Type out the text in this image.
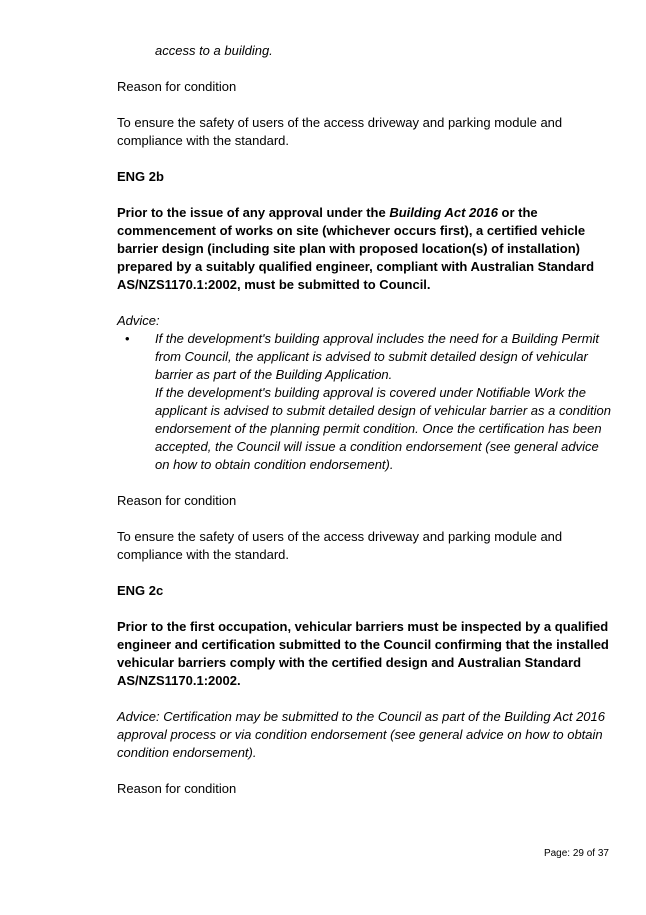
access to a building.

Reason for condition

To ensure the safety of users of the access driveway and parking module and compliance with the standard.

ENG 2b

Prior to the issue of any approval under the Building Act 2016 or the commencement of works on site (whichever occurs first), a certified vehicle barrier design (including site plan with proposed location(s) of installation) prepared by a suitably qualified engineer, compliant with Australian Standard AS/NZS1170.1:2002, must be submitted to Council.

Advice:

• If the development's building approval includes the need for a Building Permit from Council, the applicant is advised to submit detailed design of vehicular barrier as part of the Building Application.

If the development's building approval is covered under Notifiable Work the applicant is advised to submit detailed design of vehicular barrier as a condition endorsement of the planning permit condition. Once the certification has been accepted, the Council will issue a condition endorsement (see general advice on how to obtain condition endorsement).

Reason for condition

To ensure the safety of users of the access driveway and parking module and compliance with the standard.

ENG 2c

Prior to the first occupation, vehicular barriers must be inspected by a qualified engineer and certification submitted to the Council confirming that the installed vehicular barriers comply with the certified design and Australian Standard AS/NZS1170.1:2002.

Advice: Certification may be submitted to the Council as part of the Building Act 2016 approval process or via condition endorsement (see general advice on how to obtain condition endorsement).

Reason for condition

Page: 29 of 37
